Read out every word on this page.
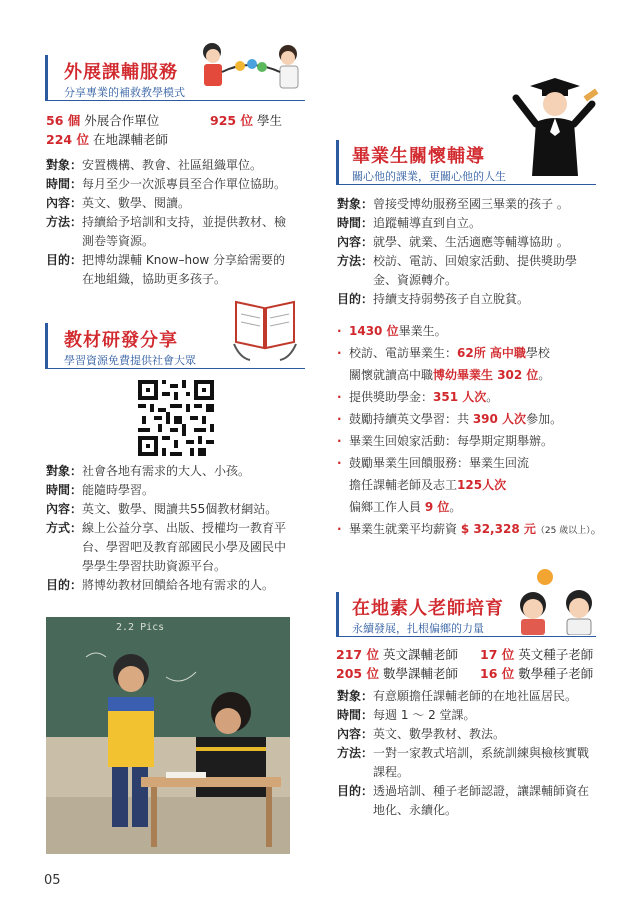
外展課輔服務
分享專業的補救教學模式
56 個 外展合作單位	925 位 學生
224 位 在地課輔老師
對象： 安置機構、教會、社區組織單位。
時間： 每月至少一次派專員至合作單位協助。
內容： 英文、數學、閱讀。
方法： 持續給予培訓和支持，並提供教材、檢測卷等資源。
目的： 把博幼課輔 Know–how 分享給需要的在地組織，協助更多孩子。
教材研發分享
學習資源免費提供社會大眾
對象： 社會各地有需求的大人、小孩。
時間： 能隨時學習。
內容： 英文、數學、閱讀共55個教材網站。
方式： 線上公益分享、出版、授權均一教育平台、學習吧及教育部國民小學及國民中學學生學習扶助資源平台。
目的： 將博幼教材回饋給各地有需求的人。
2.2 Pics
畢業生關懷輔導
關心他的課業，更關心他的人生
對象： 曾接受博幼服務至國三畢業的孩子 。
時間： 追蹤輔導直到自立。
內容： 就學、就業、生活適應等輔導協助 。
方法： 校訪、電訪、回娘家活動、提供獎助學金、資源轉介。
目的： 持續支持弱勢孩子自立脫貧。
· 1430 位畢業生。
· 校訪、電訪畢業生：62所 高中職學校
關懷就讀高中職博幼畢業生 302 位。
· 提供獎助學金：351 人次。
· 鼓勵持續英文學習：共 390 人次參加。
· 畢業生回娘家活動：每學期定期舉辦。
· 鼓勵畢業生回饋服務：畢業生回流
擔任課輔老師及志工125人次
偏鄉工作人員 9 位。
· 畢業生就業平均薪資 $ 32,328 元（25 歲以上）。
在地素人老師培育
永續發展，扎根偏鄉的力量
217 位 英文課輔老師 17 位 英文種子老師
205 位 數學課輔老師 16 位 數學種子老師
對象： 有意願擔任課輔老師的在地社區居民。
時間： 每週 1 ～ 2 堂課。
內容： 英文、數學教材、教法。
方法： 一對一家教式培訓，系統訓練與檢核實戰課程。
目的： 透過培訓、種子老師認證，讓課輔師資在地化、永續化。
05
